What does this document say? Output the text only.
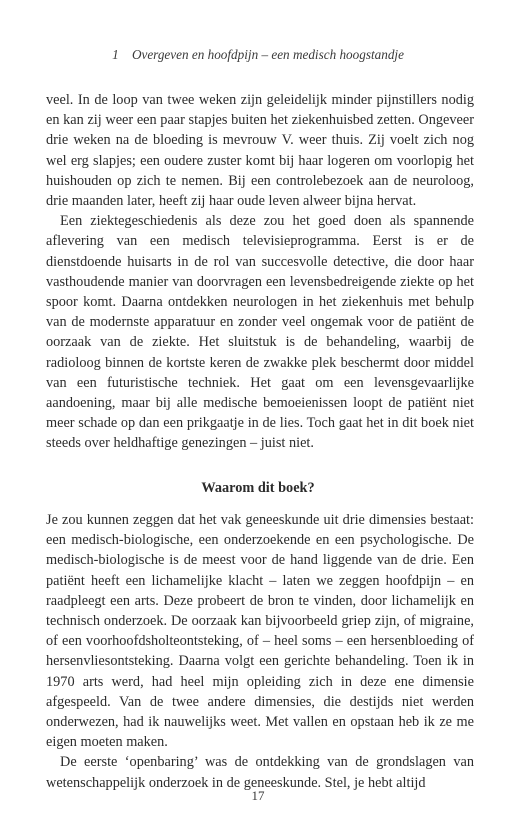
1 Overgeven en hoofdpijn – een medisch hoogstandje

veel. In de loop van twee weken zijn geleidelijk minder pijnstillers nodig en kan zij weer een paar stapjes buiten het ziekenhuisbed zetten. Ongeveer drie weken na de bloeding is mevrouw V. weer thuis. Zij voelt zich nog wel erg slapjes; een oudere zuster komt bij haar logeren om voorlopig het huishouden op zich te nemen. Bij een controlebezoek aan de neuroloog, drie maanden later, heeft zij haar oude leven alweer bijna hervat.

Een ziektegeschiedenis als deze zou het goed doen als spannende aflevering van een medisch televisieprogramma. Eerst is er de dienstdoende huisarts in de rol van succesvolle detective, die door haar vasthoudende manier van doorvragen een levensbedreigende ziekte op het spoor komt. Daarna ontdekken neurologen in het ziekenhuis met behulp van de modernste apparatuur en zonder veel ongemak voor de patiënt de oorzaak van de ziekte. Het sluitstuk is de behandeling, waarbij de radioloog binnen de kortste keren de zwakke plek beschermt door middel van een futuristische techniek. Het gaat om een levensgevaarlijke aandoening, maar bij alle medische bemoeienissen loopt de patiënt niet meer schade op dan een prikgaatje in de lies. Toch gaat het in dit boek niet steeds over heldhaftige genezingen – juist niet.

Waarom dit boek?

Je zou kunnen zeggen dat het vak geneeskunde uit drie dimensies bestaat: een medisch-biologische, een onderzoekende en een psychologische. De medisch-biologische is de meest voor de hand liggende van de drie. Een patiënt heeft een lichamelijke klacht – laten we zeggen hoofdpijn – en raadpleegt een arts. Deze probeert de bron te vinden, door lichamelijk en technisch onderzoek. De oorzaak kan bijvoorbeeld griep zijn, of migraine, of een voorhoofdsholteontsteking, of – heel soms – een hersenbloeding of hersenvliesontsteking. Daarna volgt een gerichte behandeling. Toen ik in 1970 arts werd, had heel mijn opleiding zich in deze ene dimensie afgespeeld. Van de twee andere dimensies, die destijds niet werden onderwezen, had ik nauwelijks weet. Met vallen en opstaan heb ik ze me eigen moeten maken.

De eerste ‘openbaring’ was de ontdekking van de grondslagen van wetenschappelijk onderzoek in de geneeskunde. Stel, je hebt altijd

17
